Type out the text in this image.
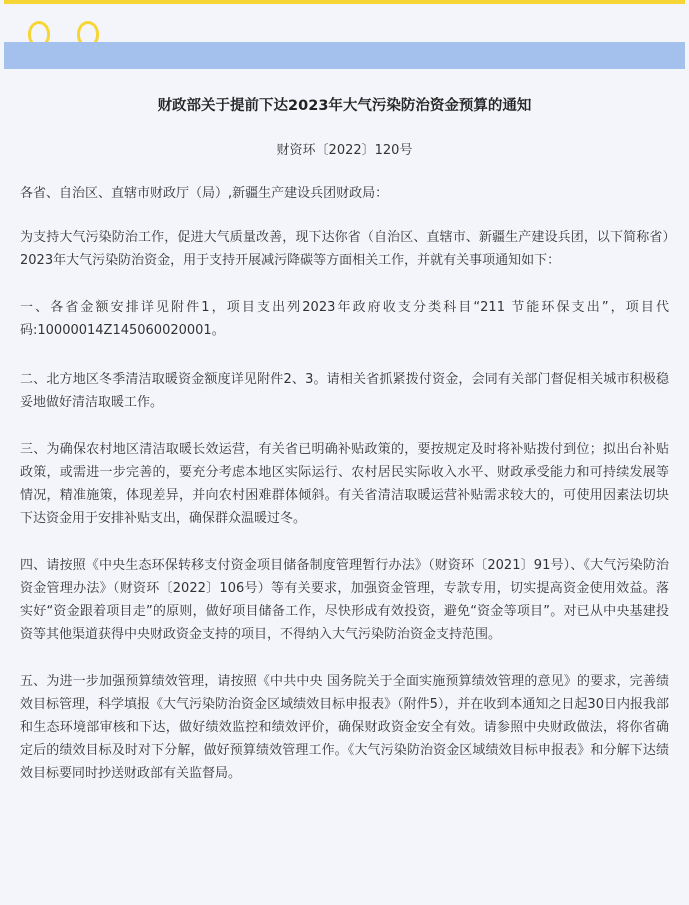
财政部关于提前下达2023年大气污染防治资金预算的通知
财资环〔2022〕120号

各省、自治区、直辖市财政厅（局）,新疆生产建设兵团财政局：

为支持大气污染防治工作，促进大气质量改善，现下达你省（自治区、直辖市、新疆生产建设兵团，以下简称省）2023年大气污染防治资金，用于支持开展减污降碳等方面相关工作，并就有关事项通知如下：

一、各省金额安排详见附件1，项目支出列2023年政府收支分类科目“211 节能环保支出”，项目代码:10000014Z145060020001。

二、北方地区冬季清洁取暖资金额度详见附件2、3。请相关省抓紧拨付资金，会同有关部门督促相关城市积极稳妥地做好清洁取暖工作。

三、为确保农村地区清洁取暖长效运营，有关省已明确补贴政策的，要按规定及时将补贴拨付到位；拟出台补贴政策，或需进一步完善的，要充分考虑本地区实际运行、农村居民实际收入水平、财政承受能力和可持续发展等情况，精准施策，体现差异，并向农村困难群体倾斜。有关省清洁取暖运营补贴需求较大的，可使用因素法切块下达资金用于安排补贴支出，确保群众温暖过冬。

四、请按照《中央生态环保转移支付资金项目储备制度管理暂行办法》（财资环〔2021〕91号）、《大气污染防治资金管理办法》（财资环〔2022〕106号）等有关要求，加强资金管理，专款专用，切实提高资金使用效益。落实好“资金跟着项目走”的原则，做好项目储备工作，尽快形成有效投资，避免“资金等项目”。对已从中央基建投资等其他渠道获得中央财政资金支持的项目，不得纳入大气污染防治资金支持范围。

五、为进一步加强预算绩效管理，请按照《中共中央 国务院关于全面实施预算绩效管理的意见》的要求，完善绩效目标管理，科学填报《大气污染防治资金区域绩效目标申报表》（附件5），并在收到本通知之日起30日内报我部和生态环境部审核和下达，做好绩效监控和绩效评价，确保财政资金安全有效。请参照中央财政做法，将你省确定后的绩效目标及时对下分解，做好预算绩效管理工作。《大气污染防治资金区域绩效目标申报表》和分解下达绩效目标要同时抄送财政部有关监督局。
